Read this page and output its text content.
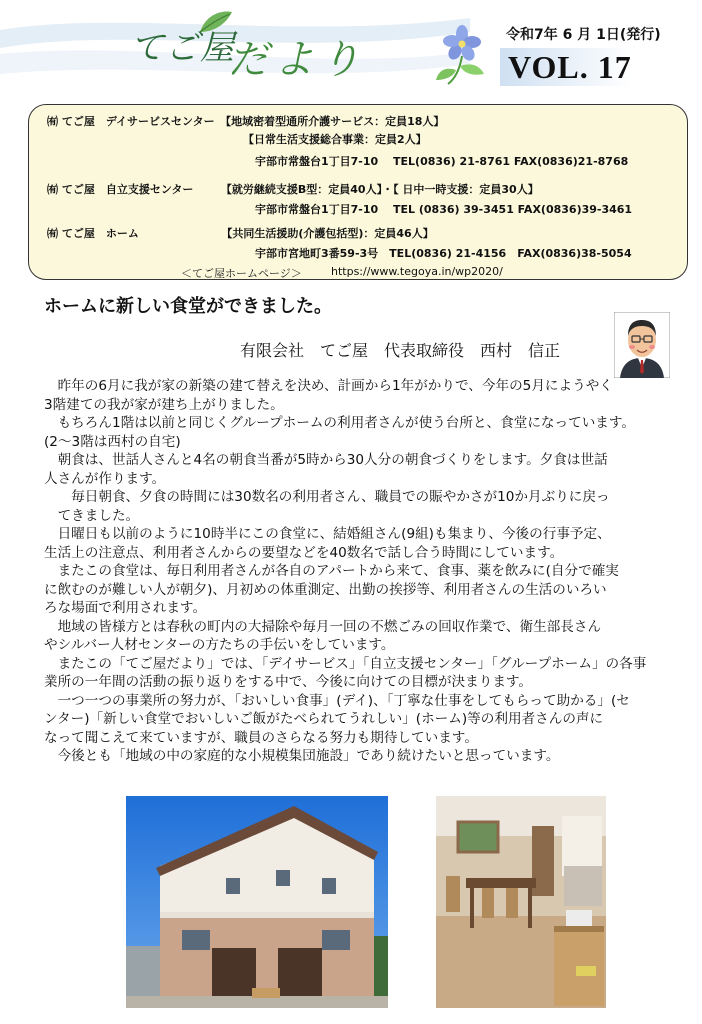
てご屋
だより
令和7年 6 月 1日(発行)
VOL. 17
㈲ てご屋　デイサービスセンター　【地域密着型通所介護サービス：定員18人】
【日常生活支援総合事業：定員2人】
宇部市常盤台1丁目7-10　 TEL(0836) 21-8761 FAX(0836)21-8768
㈲ てご屋　自立支援センター　　　【就労継続支援B型：定員40人】・【 日中一時支援：定員30人】
宇部市常盤台1丁目7-10　 TEL (0836) 39-3451 FAX(0836)39-3461
㈲ てご屋　ホーム　　　　　　　　【共同生活援助(介護包括型)：定員46人】
宇部市宮地町3番59-3号　TEL(0836) 21-4156　FAX(0836)38-5054
＜てご屋ホームページ＞	https://www.tegoya.in/wp2020/
ホームに新しい食堂ができました。
有限会社　てご屋　代表取締役　西村　信正

　昨年の6月に我が家の新築の建て替えを決め、計画から1年がかりで、今年の5月にようやく

3階建ての我が家が建ち上がりました。

　もちろん1階は以前と同じくグループホームの利用者さんが使う台所と、食堂になっています。

(2～3階は西村の自宅)

　朝食は、世話人さんと4名の朝食当番が5時から30人分の朝食づくりをします。夕食は世話

人さんが作ります。

　　毎日朝食、夕食の時間には30数名の利用者さん、職員での賑やかさが10か月ぶりに戻っ

　てきました。

　日曜日も以前のように10時半にこの食堂に、結婚組さん(9組)も集まり、今後の行事予定、

生活上の注意点、利用者さんからの要望などを40数名で話し合う時間にしています。

　またこの食堂は、毎日利用者さんが各自のアパートから来て、食事、薬を飲みに(自分で確実

に飲むのが難しい人が朝夕)、月初めの体重測定、出勤の挨拶等、利用者さんの生活のいろい

ろな場面で利用されます。

　地域の皆様方とは春秋の町内の大掃除や毎月一回の不燃ごみの回収作業で、衛生部長さん

やシルバー人材センターの方たちの手伝いをしています。

　またこの「てご屋だより」では、「デイサービス」「自立支援センター」「グループホーム」の各事

業所の一年間の活動の振り返りをする中で、今後に向けての目標が決まります。

　一つ一つの事業所の努力が、「おいしい食事」(デイ)、「丁寧な仕事をしてもらって助かる」(セ

ンター)「新しい食堂でおいしいご飯がたべられてうれしい」(ホーム)等の利用者さんの声に

なって聞こえて来ていますが、職員のさらなる努力も期待しています。

　今後とも「地域の中の家庭的な小規模集団施設」であり続けたいと思っています。
